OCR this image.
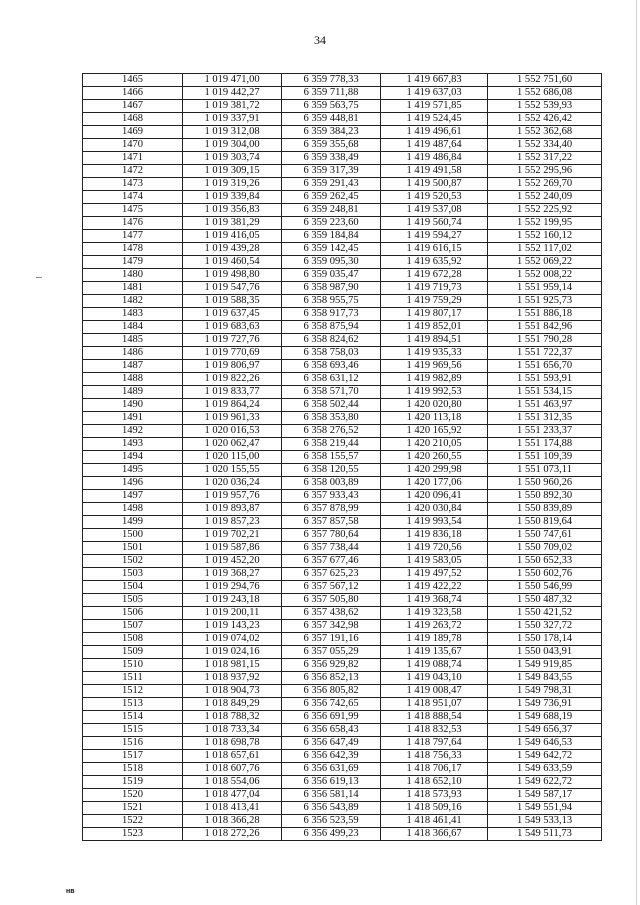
34
1465	1 019 471,00	6 359 778,33	1 419 667,83	1 552 751,60
1466	1 019 442,27	6 359 711,88	1 419 637,03	1 552 686,08
1467	1 019 381,72	6 359 563,75	1 419 571,85	1 552 539,93
1468	1 019 337,91	6 359 448,81	1 419 524,45	1 552 426,42
1469	1 019 312,08	6 359 384,23	1 419 496,61	1 552 362,68
1470	1 019 304,00	6 359 355,68	1 419 487,64	1 552 334,40
1471	1 019 303,74	6 359 338,49	1 419 486,84	1 552 317,22
1472	1 019 309,15	6 359 317,39	1 419 491,58	1 552 295,96
1473	1 019 319,26	6 359 291,43	1 419 500,87	1 552 269,70
1474	1 019 339,84	6 359 262,45	1 419 520,53	1 552 240,09
1475	1 019 356,83	6 359 248,81	1 419 537,08	1 552 225,92
1476	1 019 381,29	6 359 223,60	1 419 560,74	1 552 199,95
1477	1 019 416,05	6 359 184,84	1 419 594,27	1 552 160,12
1478	1 019 439,28	6 359 142,45	1 419 616,15	1 552 117,02
1479	1 019 460,54	6 359 095,30	1 419 635,92	1 552 069,22
1480	1 019 498,80	6 359 035,47	1 419 672,28	1 552 008,22
1481	1 019 547,76	6 358 987,90	1 419 719,73	1 551 959,14
1482	1 019 588,35	6 358 955,75	1 419 759,29	1 551 925,73
1483	1 019 637,45	6 358 917,73	1 419 807,17	1 551 886,18
1484	1 019 683,63	6 358 875,94	1 419 852,01	1 551 842,96
1485	1 019 727,76	6 358 824,62	1 419 894,51	1 551 790,28
1486	1 019 770,69	6 358 758,03	1 419 935,33	1 551 722,37
1487	1 019 806,97	6 358 693,46	1 419 969,56	1 551 656,70
1488	1 019 822,26	6 358 631,12	1 419 982,89	1 551 593,91
1489	1 019 833,77	6 358 571,70	1 419 992,53	1 551 534,15
1490	1 019 864,24	6 358 502,44	1 420 020,80	1 551 463,97
1491	1 019 961,33	6 358 353,80	1 420 113,18	1 551 312,35
1492	1 020 016,53	6 358 276,52	1 420 165,92	1 551 233,37
1493	1 020 062,47	6 358 219,44	1 420 210,05	1 551 174,88
1494	1 020 115,00	6 358 155,57	1 420 260,55	1 551 109,39
1495	1 020 155,55	6 358 120,55	1 420 299,98	1 551 073,11
1496	1 020 036,24	6 358 003,89	1 420 177,06	1 550 960,26
1497	1 019 957,76	6 357 933,43	1 420 096,41	1 550 892,30
1498	1 019 893,87	6 357 878,99	1 420 030,84	1 550 839,89
1499	1 019 857,23	6 357 857,58	1 419 993,54	1 550 819,64
1500	1 019 702,21	6 357 780,64	1 419 836,18	1 550 747,61
1501	1 019 587,86	6 357 738,44	1 419 720,56	1 550 709,02
1502	1 019 452,20	6 357 677,46	1 419 583,05	1 550 652,33
1503	1 019 368,27	6 357 625,23	1 419 497,52	1 550 602,76
1504	1 019 294,76	6 357 567,12	1 419 422,22	1 550 546,99
1505	1 019 243,18	6 357 505,80	1 419 368,74	1 550 487,32
1506	1 019 200,11	6 357 438,62	1 419 323,58	1 550 421,52
1507	1 019 143,23	6 357 342,98	1 419 263,72	1 550 327,72
1508	1 019 074,02	6 357 191,16	1 419 189,78	1 550 178,14
1509	1 019 024,16	6 357 055,29	1 419 135,67	1 550 043,91
1510	1 018 981,15	6 356 929,82	1 419 088,74	1 549 919,85
1511	1 018 937,92	6 356 852,13	1 419 043,10	1 549 843,55
1512	1 018 904,73	6 356 805,82	1 419 008,47	1 549 798,31
1513	1 018 849,29	6 356 742,65	1 418 951,07	1 549 736,91
1514	1 018 788,32	6 356 691,99	1 418 888,54	1 549 688,19
1515	1 018 733,34	6 356 658,43	1 418 832,53	1 549 656,37
1516	1 018 698,78	6 356 647,49	1 418 797,64	1 549 646,53
1517	1 018 657,61	6 356 642,39	1 418 756,33	1 549 642,72
1518	1 018 607,76	6 356 631,69	1 418 706,17	1 549 633,59
1519	1 018 554,06	6 356 619,13	1 418 652,10	1 549 622,72
1520	1 018 477,04	6 356 581,14	1 418 573,93	1 549 587,17
1521	1 018 413,41	6 356 543,89	1 418 509,16	1 549 551,94
1522	1 018 366,28	6 356 523,59	1 418 461,41	1 549 533,13
1523	1 018 272,26	6 356 499,23	1 418 366,67	1 549 511,73
нв
